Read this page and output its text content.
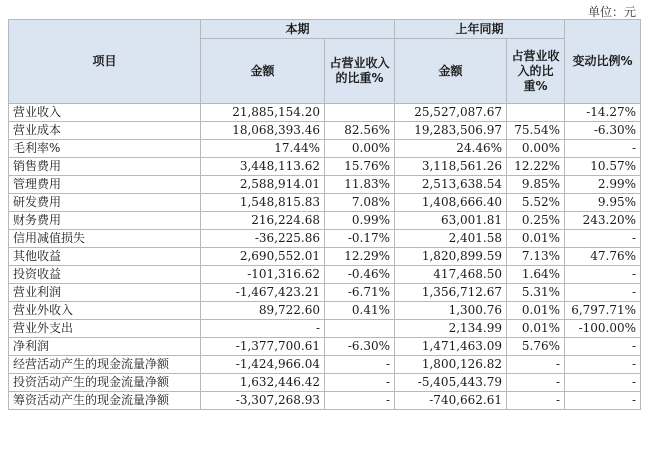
单位：元
项目	本期		上年同期		变动比例%
	金额	占营业收入的比重%	金额	占营业收入的比重%	
营业收入	21,885,154.20		25,527,087.67		-14.27%
营业成本	18,068,393.46	82.56%	19,283,506.97	75.54%	-6.30%
毛利率%	17.44%	0.00%	24.46%	0.00%	-
销售费用	3,448,113.62	15.76%	3,118,561.26	12.22%	10.57%
管理费用	2,588,914.01	11.83%	2,513,638.54	9.85%	2.99%
研发费用	1,548,815.83	7.08%	1,408,666.40	5.52%	9.95%
财务费用	216,224.68	0.99%	63,001.81	0.25%	243.20%
信用减值损失	-36,225.86	-0.17%	2,401.58	0.01%	-
其他收益	2,690,552.01	12.29%	1,820,899.59	7.13%	47.76%
投资收益	-101,316.62	-0.46%	417,468.50	1.64%	-
营业利润	-1,467,423.21	-6.71%	1,356,712.67	5.31%	-
营业外收入	89,722.60	0.41%	1,300.76	0.01%	6,797.71%
营业外支出	-		2,134.99	0.01%	-100.00%
净利润	-1,377,700.61	-6.30%	1,471,463.09	5.76%	-
经营活动产生的现金流量净额	-1,424,966.04	-	1,800,126.82	-	-
投资活动产生的现金流量净额	1,632,446.42	-	-5,405,443.79	-	-
筹资活动产生的现金流量净额	-3,307,268.93	-	-740,662.61	-	-
